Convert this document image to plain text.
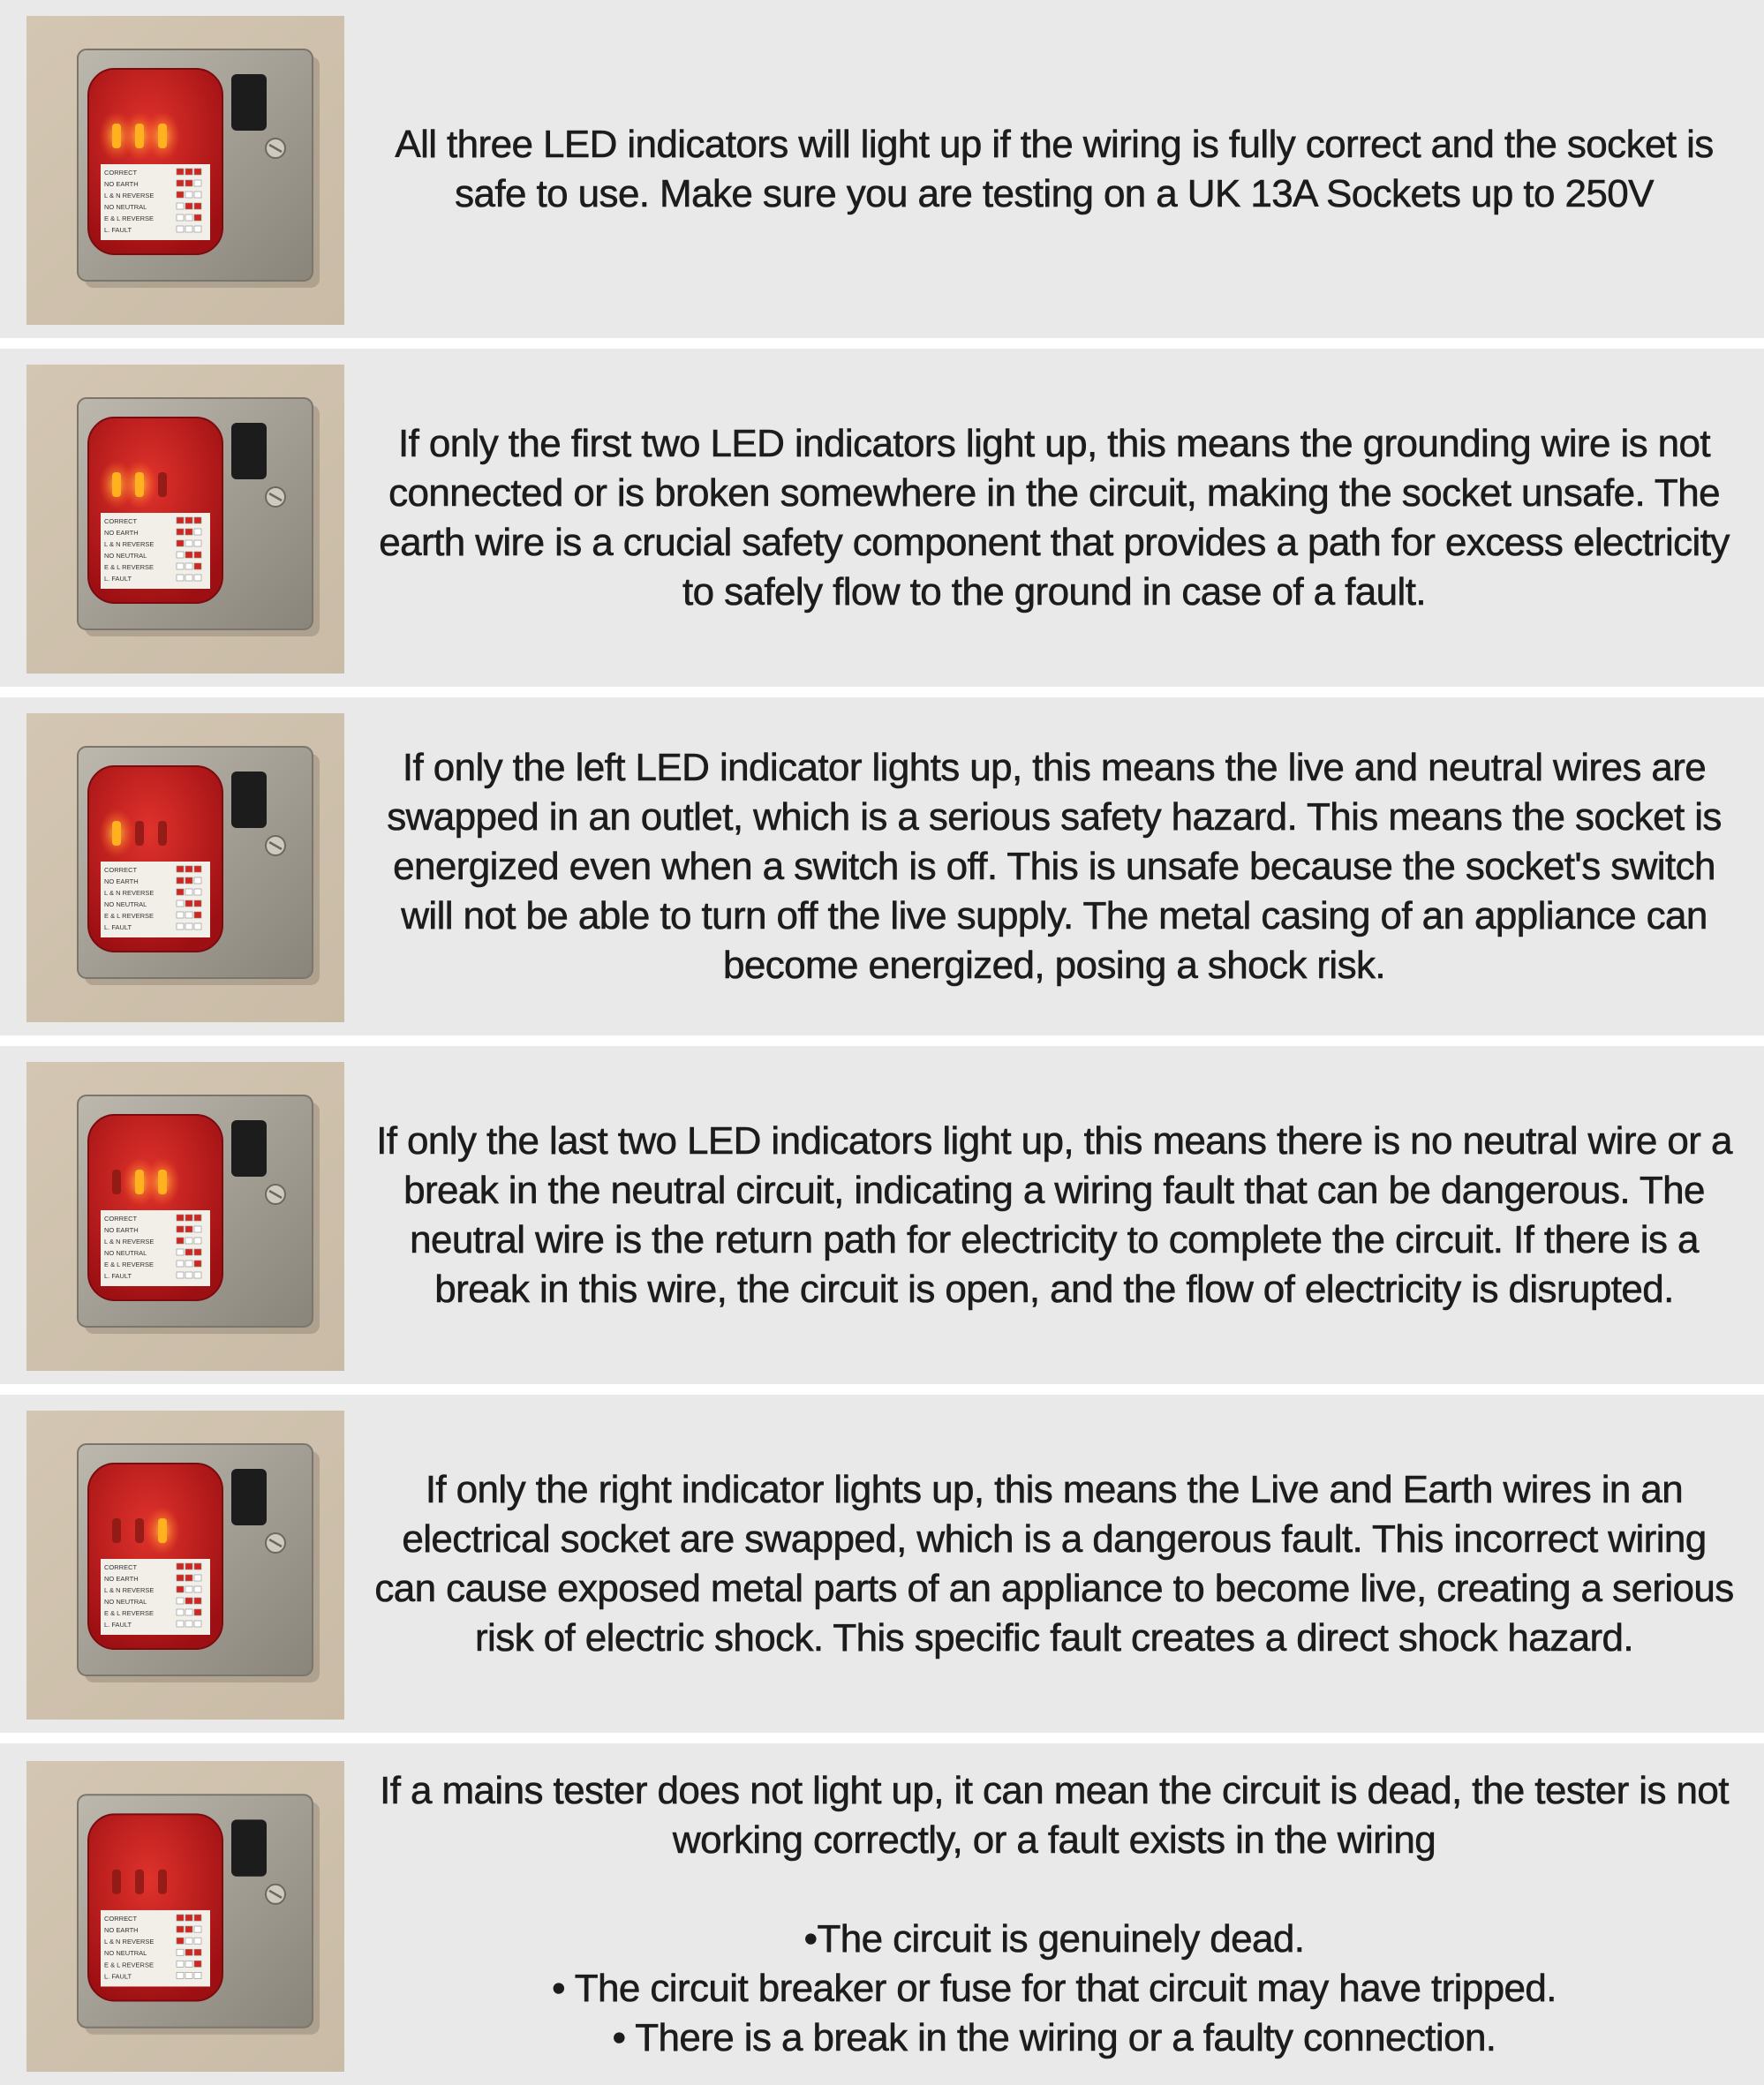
CORRECT
NO EARTH
L & N REVERSE
NO NEUTRAL
E & L REVERSE
L. FAULT

All three LED indicators will light up if the wiring is fully correct and the socket is safe to use. Make sure you are testing on a UK 13A Sockets up to 250V

CORRECT
NO EARTH
L & N REVERSE
NO NEUTRAL
E & L REVERSE
L. FAULT

If only the first two LED indicators light up, this means the grounding wire is not connected or is broken somewhere in the circuit, making the socket unsafe. The earth wire is a crucial safety component that provides a path for excess electricity to safely flow to the ground in case of a fault.

CORRECT
NO EARTH
L & N REVERSE
NO NEUTRAL
E & L REVERSE
L. FAULT

If only the left LED indicator lights up, this means the live and neutral wires are swapped in an outlet, which is a serious safety hazard. This means the socket is energized even when a switch is off. This is unsafe because the socket's switch will not be able to turn off the live supply. The metal casing of an appliance can become energized, posing a shock risk.

CORRECT
NO EARTH
L & N REVERSE
NO NEUTRAL
E & L REVERSE
L. FAULT

If only the last two LED indicators light up, this means there is no neutral wire or a break in the neutral circuit, indicating a wiring fault that can be dangerous. The neutral wire is the return path for electricity to complete the circuit. If there is a break in this wire, the circuit is open, and the flow of electricity is disrupted.

CORRECT
NO EARTH
L & N REVERSE
NO NEUTRAL
E & L REVERSE
L. FAULT

If only the right indicator lights up, this means the Live and Earth wires in an electrical socket are swapped, which is a dangerous fault. This incorrect wiring can cause exposed metal parts of an appliance to become live, creating a serious risk of electric shock. This specific fault creates a direct shock hazard.

CORRECT
NO EARTH
L & N REVERSE
NO NEUTRAL
E & L REVERSE
L. FAULT

If a mains tester does not light up, it can mean the circuit is dead, the tester is not working correctly, or a fault exists in the wiring

•The circuit is genuinely dead.
• The circuit breaker or fuse for that circuit may have tripped.
• There is a break in the wiring or a faulty connection.
